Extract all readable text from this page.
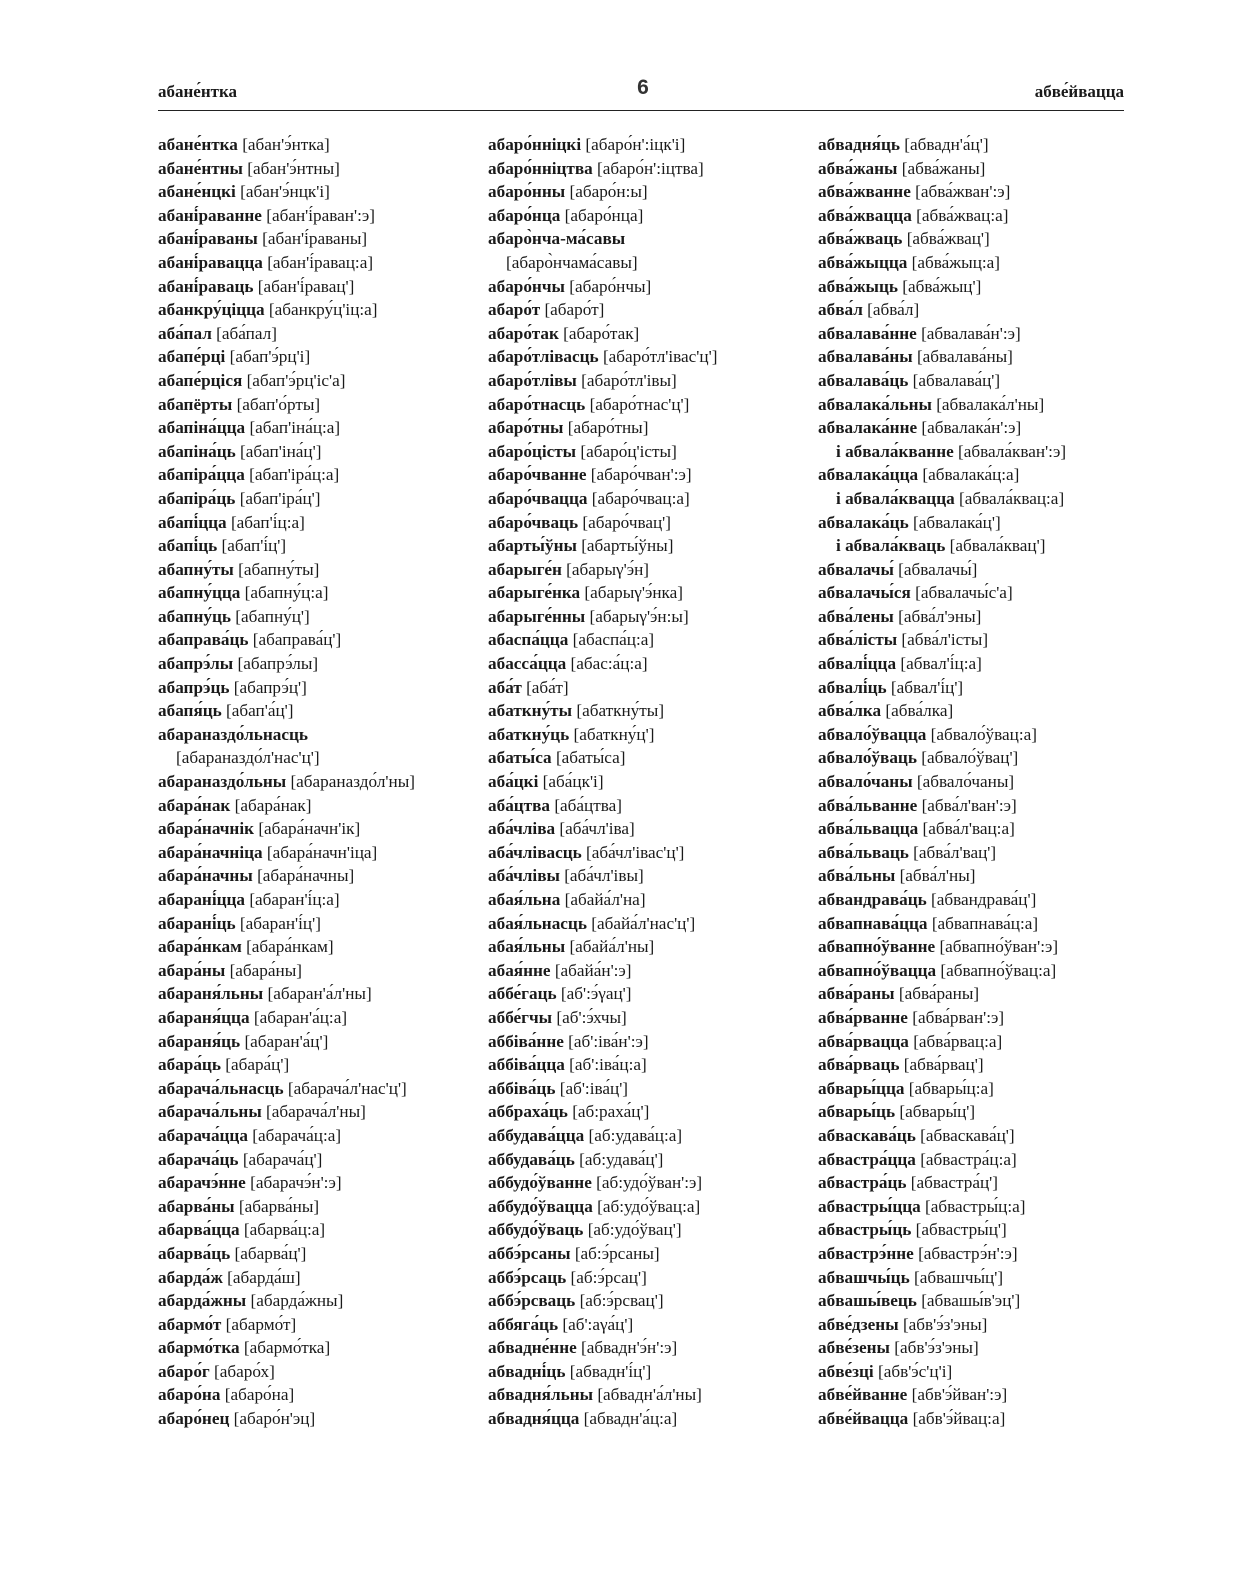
абане́нтка	6	абве́йваццa
абане́нтка [абан'э́нтка]
абане́нтны [абан'э́нтны]
абане́нцкі [абан'э́нцк'і]
абані́раванне [абан'і́раван':э]
абані́раваны [абан'і́раваны]
абані́раваццa [абан'і́равац:а]
абані́раваць [абан'і́равац']
абанкру́ціццa [абанкру́ц'іц:а]
аба́пал [аба́пал]
абапе́рці [абап'э́рц'і]
абапе́рціся [абап'э́рц'іс'а]
абапёрты [абап'о́рты]
абапіна́ццa [абап'іна́ц:а]
абапіна́ць [абап'іна́ц']
абапіра́ццa [абап'іра́ц:а]
абапіра́ць [абап'іра́ц']
абапі́ццa [абап'і́ц:а]
абапі́ць [абап'і́ц']
абапну́ты [абапну́ты]
абапну́ццa [абапну́ц:а]
абапну́ць [абапну́ц']
абаправа́ць [абаправа́ц']
абапрэ́лы [абапрэ́лы]
абапрэ́ць [абапрэ́ц']
абапя́ць [абап'а́ц']
абараназдо́льнасць
[абараназдо́л'нас'ц']
абараназдо́льны [абараназдо́л'ны]
абара́нак [абара́нак]
абара́начнік [абара́начн'ік]
абара́начніца [абара́начн'іца]
абара́начны [абара́начны]
абарані́ццa [абаран'і́ц:а]
абарані́ць [абаран'і́ц']
абара́нкам [абара́нкам]
абара́ны [абара́ны]
абараня́льны [абаран'а́л'ны]
абараня́ццa [абаран'а́ц:а]
абараня́ць [абаран'а́ц']
абара́ць [абара́ц']
абарача́льнасць [абарача́л'нас'ц']
абарача́льны [абарача́л'ны]
абарача́ццa [абарача́ц:а]
абарача́ць [абарача́ц']
абарачэ́нне [абарачэ́н':э]
абарва́ны [абарва́ны]
абарва́ццa [абарва́ц:а]
абарва́ць [абарва́ц']
абарда́ж [абарда́ш]
абарда́жны [абарда́жны]
абармо́т [абармо́т]
абармо́тка [абармо́тка]
абаро́г [абаро́х]
абаро́на [абаро́на]
абаро́нец [абаро́н'эц]
абаро́нніцкі [абаро́н':іцк'і]
абаро́нніцтва [абаро́н':іцтва]
абаро́нны [абаро́н:ы]
абаро́нца [абаро́нца]
абаро̀нча-ма́савы
[абаро̀нчама́савы]
абаро́нчы [абаро́нчы]
абаро́т [абаро́т]
абаро́так [абаро́так]
абаро́тлівасць [абаро́тл'івас'ц']
абаро́тлівы [абаро́тл'івы]
абаро́тнасць [абаро́тнас'ц']
абаро́тны [абаро́тны]
абаро́цісты [абаро́ц'істы]
абаро́чванне [абаро́чван':э]
абаро́чваццa [абаро́чвац:а]
абаро́чваць [абаро́чвац']
абарты́ўны [абарты́ўны]
абарыге́н [абарыγ'э́н]
абарыге́нка [абарыγ'э́нка]
абарыге́нны [абарыγ'э́н:ы]
абаспа́ццa [абаспа́ц:а]
абасса́ццa [абас:а́ц:а]
аба́т [аба́т]
абаткну́ты [абаткну́ты]
абаткну́ць [абаткну́ц']
абаты́са [абаты́са]
аба́цкі [аба́цк'і]
аба́цтва [аба́цтва]
аба́члівa [аба́чл'іва]
аба́члівасць [аба́чл'івас'ц']
аба́члівы [аба́чл'івы]
абая́льна [абайа́л'на]
абая́льнасць [абайа́л'нас'ц']
абая́льны [абайа́л'ны]
абая́нне [абайа́н':э]
аббе́гаць [аб':э́γац']
аббе́гчы [аб':э́хчы]
аббіва́нне [аб':іва́н':э]
аббіва́ццa [аб':іва́ц:а]
аббіва́ць [аб':іва́ц']
аббраха́ць [аб:раха́ц']
аббудава́ццa [аб:удава́ц:а]
аббудава́ць [аб:удава́ц']
аббудо́ўванне [аб:удо́ўван':э]
аббудо́ўваццa [аб:удо́ўвац:а]
аббудо́ўваць [аб:удо́ўвац']
аббэ́рсаны [аб:э́рсаны]
аббэ́рсаць [аб:э́рсац']
аббэ́рсваць [аб:э́рсвац']
аббяга́ць [аб':аγа́ц']
абвадне́нне [абвадн'э́н':э]
абвадні́ць [абвадн'і́ц']
абвадня́льны [абвадн'а́л'ны]
абвадня́ццa [абвадн'а́ц:а]
абвадня́ць [абвадн'а́ц']
абва́жаны [абва́жаны]
абва́жванне [абва́жван':э]
абва́жваццa [абва́жвац:а]
абва́жваць [абва́жвац']
абва́жыццa [абва́жыц:а]
абва́жыць [абва́жыц']
абва́л [абва́л]
абвалава́нне [абвалава́н':э]
абвалава́ны [абвалава́ны]
абвалава́ць [абвалава́ц']
абвалака́льны [абвалака́л'ны]
абвалака́нне [абвалака́н':э]
і абвала́кванне [абвала́кван':э]
абвалака́ццa [абвалака́ц:а]
і абвала́кваццa [абвала́квац:а]
абвалака́ць [абвалака́ц']
і абвала́кваць [абвала́квац']
абвалачы́ [абвалачы́]
абвалачы́ся [абвалачы́с'а]
абва́лены [абва́л'эны]
абва́лісты [абва́л'істы]
абвалі́ццa [абвал'і́ц:а]
абвалі́ць [абвал'і́ц']
абва́лка [абва́лка]
абвало́ўваццa [абвало́ўвац:а]
абвало́ўваць [абвало́ўвац']
абвало́чаны [абвало́чаны]
абва́льванне [абва́л'ван':э]
абва́льваццa [абва́л'вац:а]
абва́льваць [абва́л'вац']
абва́льны [абва́л'ны]
абвандрава́ць [абвандрава́ц']
абвапнава́ццa [абвапнава́ц:а]
абвапно́ўванне [абвапно́ўван':э]
абвапно́ўваццa [абвапно́ўвац:а]
абва́раны [абва́раны]
абва́рванне [абва́рван':э]
абва́рваццa [абва́рвац:а]
абва́рваць [абва́рвац']
абвары́ццa [абвары́ц:а]
абвары́ць [абвары́ц']
абваскава́ць [абваскава́ц']
абвастра́ццa [абвастра́ц:а]
абвастра́ць [абвастра́ц']
абвастры́ццa [абвастры́ц:а]
абвастры́ць [абвастры́ц']
абвастрэ́нне [абвастрэ́н':э]
абвашчы́ць [абвашчы́ц']
абвашы́вець [абвашы́в'эц']
абве́дзены [абв'э́з'эны]
абве́зены [абв'э́з'эны]
абве́зці [абв'э́с'ц'і]
абве́йванне [абв'э́йван':э]
абве́йваццa [абв'э́йвац:а]
